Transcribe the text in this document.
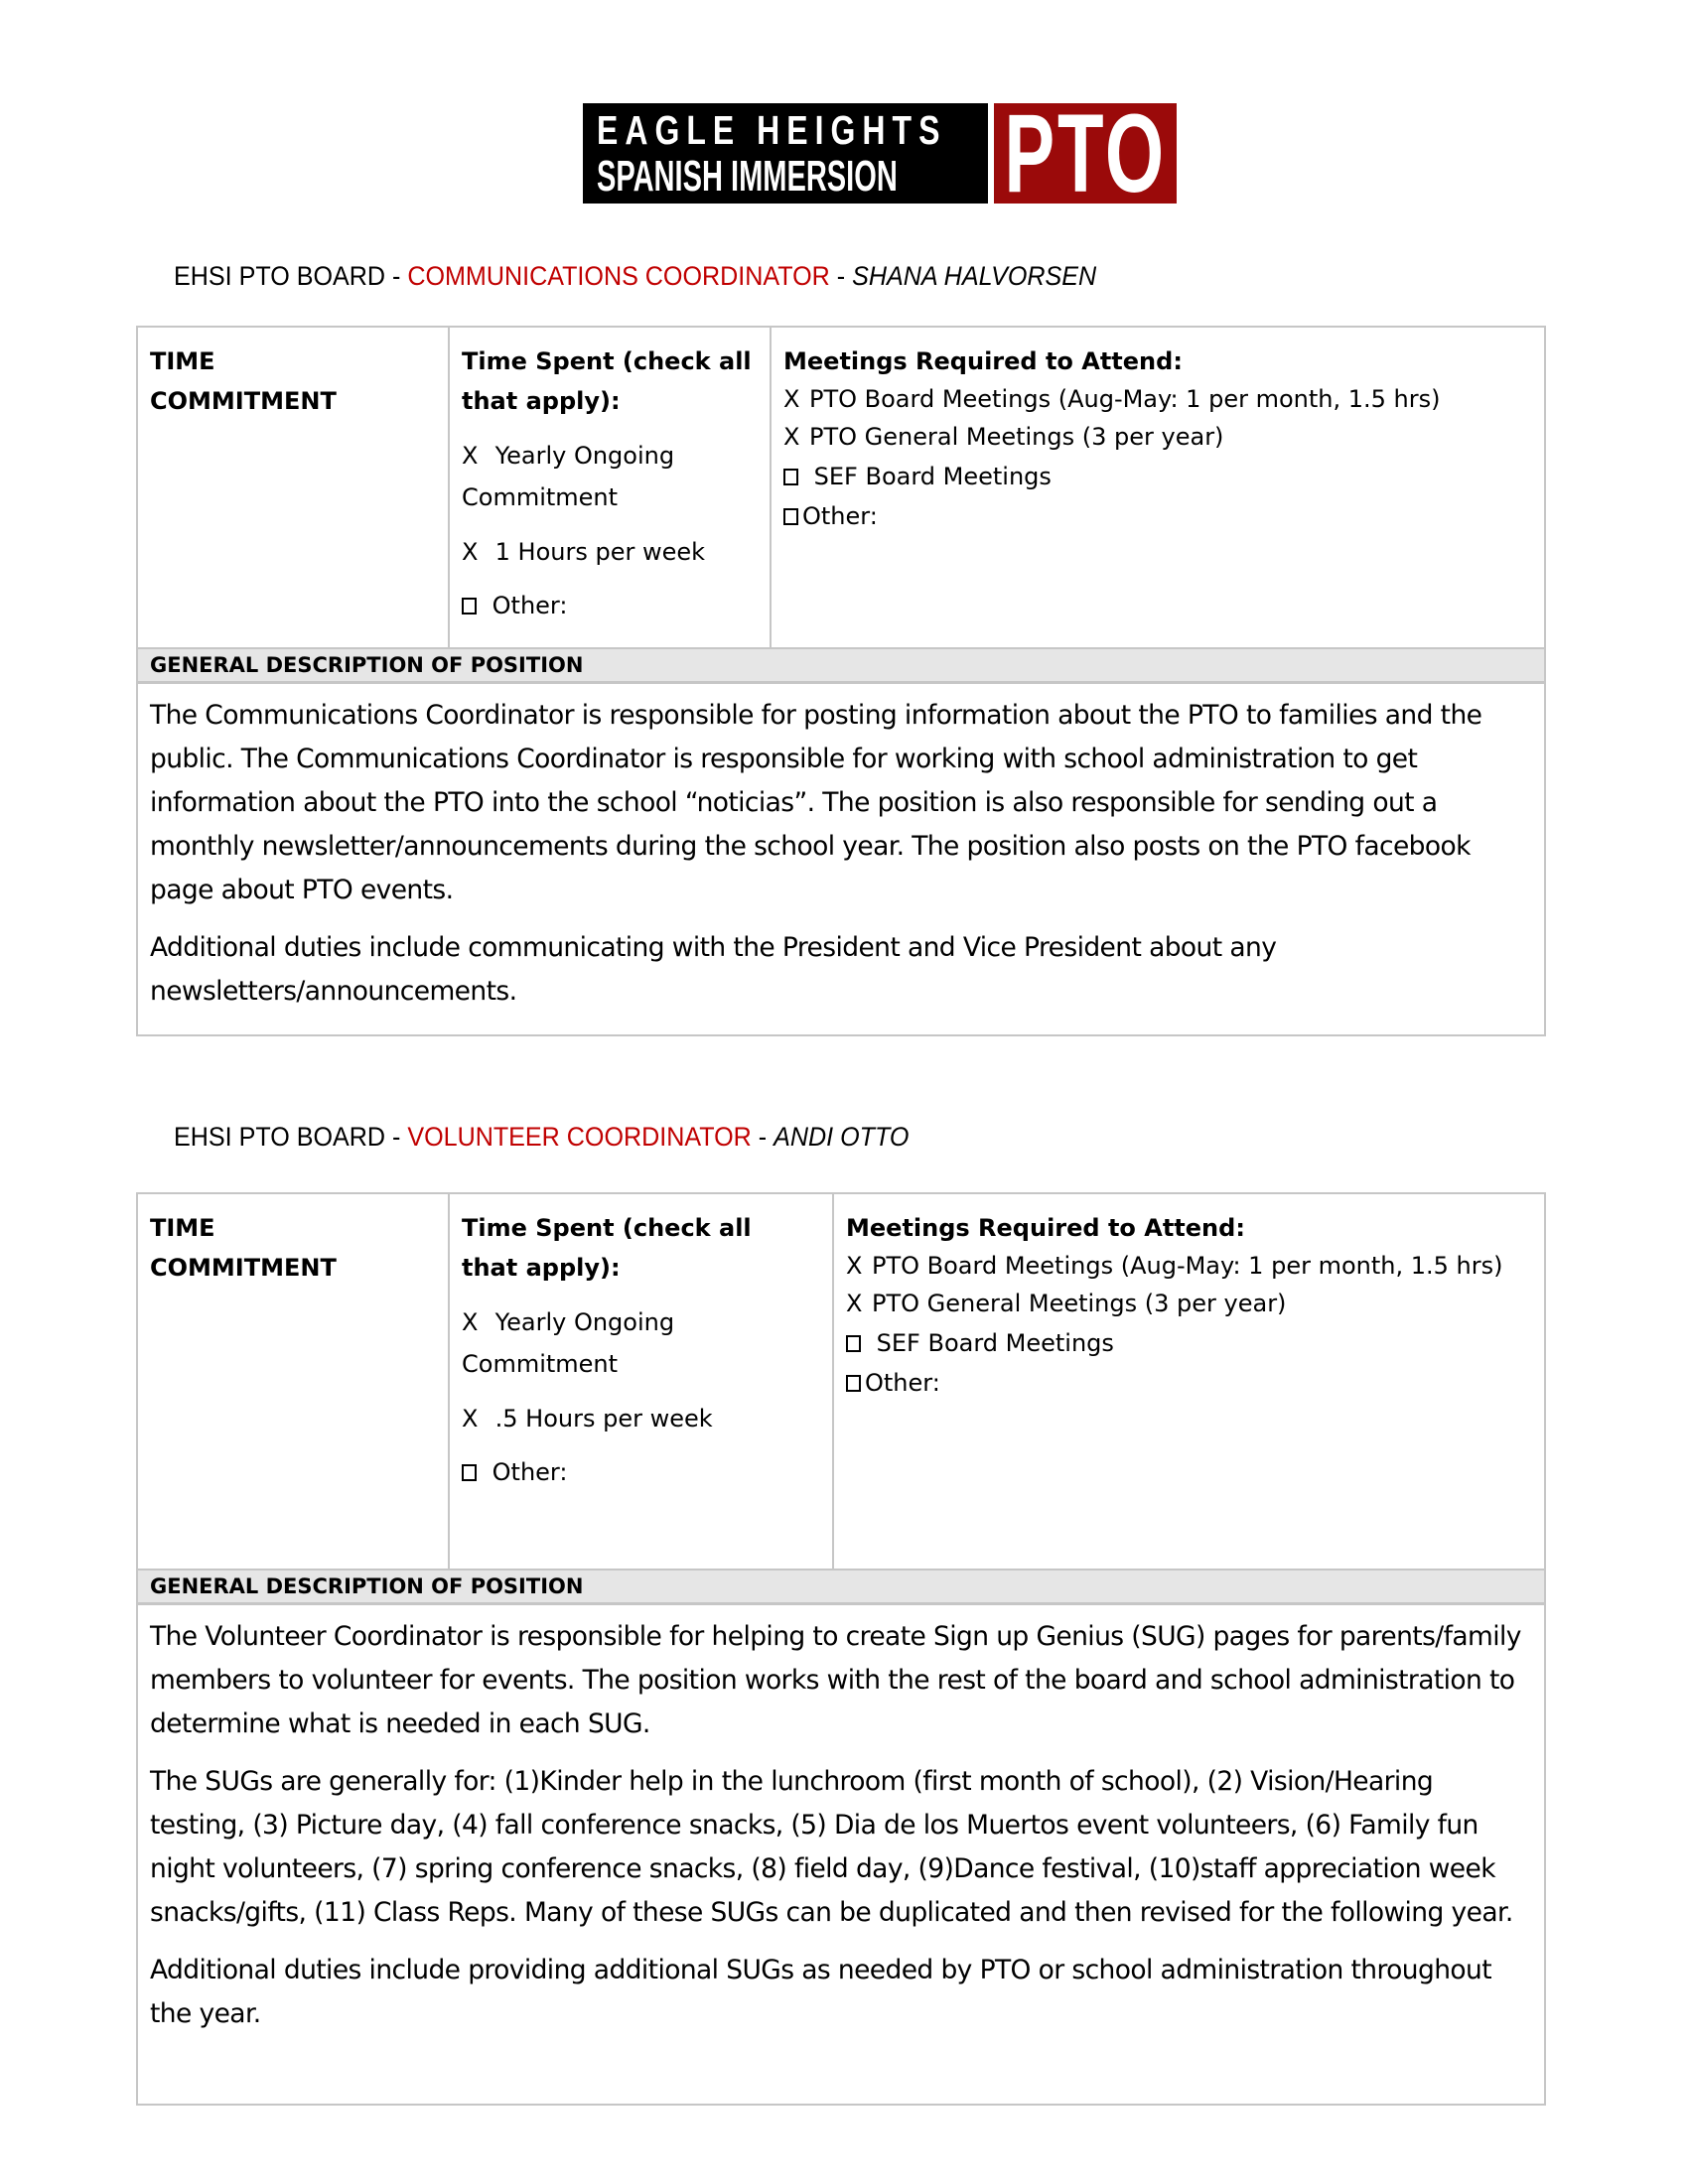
EAGLE HEIGHTS
SPANISH IMMERSION PTO
EHSI PTO BOARD - COMMUNICATIONS COORDINATOR - SHANA HALVORSEN
TIME
COMMITMENT
Time Spent (check all that apply):
X Yearly Ongoing Commitment
X 1 Hours per week
Other:
Meetings Required to Attend:
X PTO Board Meetings (Aug-May: 1 per month, 1.5 hrs)
X PTO General Meetings (3 per year)
SEF Board Meetings
Other:
GENERAL DESCRIPTION OF POSITION

The Communications Coordinator is responsible for posting information about the PTO to families and the public. The Communications Coordinator is responsible for working with school administration to get information about the PTO into the school “noticias”. The position is also responsible for sending out a monthly newsletter/announcements during the school year. The position also posts on the PTO facebook page about PTO events.

Additional duties include communicating with the President and Vice President about any newsletters/announcements.

EHSI PTO BOARD - VOLUNTEER COORDINATOR - ANDI OTTO
TIME
COMMITMENT
Time Spent (check all that apply):
X Yearly Ongoing Commitment
X .5 Hours per week
Other:
Meetings Required to Attend:
X PTO Board Meetings (Aug-May: 1 per month, 1.5 hrs)
X PTO General Meetings (3 per year)
SEF Board Meetings
Other:
GENERAL DESCRIPTION OF POSITION

The Volunteer Coordinator is responsible for helping to create Sign up Genius (SUG) pages for parents/family members to volunteer for events. The position works with the rest of the board and school administration to determine what is needed in each SUG.

The SUGs are generally for: (1)Kinder help in the lunchroom (first month of school), (2) Vision/Hearing testing, (3) Picture day, (4) fall conference snacks, (5) Dia de los Muertos event volunteers, (6) Family fun night volunteers, (7) spring conference snacks, (8) field day, (9)Dance festival, (10)staff appreciation week snacks/gifts, (11) Class Reps. Many of these SUGs can be duplicated and then revised for the following year.

Additional duties include providing additional SUGs as needed by PTO or school administration throughout the year.
